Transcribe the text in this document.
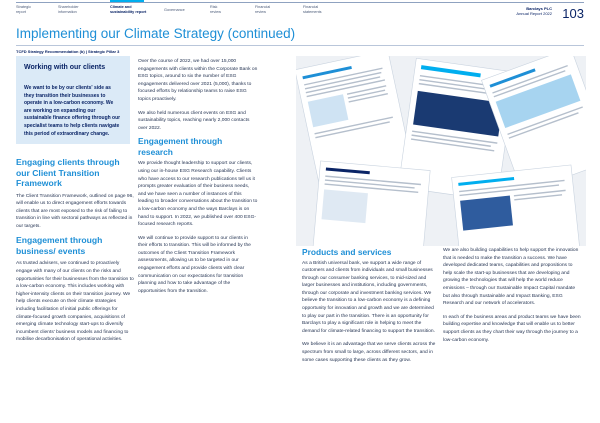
Strategic
report
Shareholder
information
Climate and
sustainability report	Governance
Risk
review
Financial
review
Financial
statements
Barclays PLC
Annual Report 2022 103
Implementing our Climate Strategy (continued)
TCFD Strategy Recommendation (b) | Strategic Pillar 3
Working with our clients

We want to be by our clients' side as they transition their businesses to operate in a low-carbon economy. We are working on expanding our sustainable finance offering through our specialist teams to help clients navigate this period of extraordinary change.

Engaging clients through our Client Transition Framework

The Client Transition Framework, outlined on page 96, will enable us to direct engagement efforts towards clients that are most exposed to the risk of failing to transition in line with sectoral pathways as reflected in our targets.

Engagement through business/ events

As trusted advisers, we continued to proactively engage with many of our clients on the risks and opportunities for their businesses from the transition to a low-carbon economy. This includes working with higher-intensity clients on their transition journey. We help clients execute on their climate strategies including facilitation of initial public offerings for climate-focused growth companies, acquisitions of emerging climate technology start-ups to diversify incumbent clients' business models and financing to mobilise decarbonisation of operational activities.

Over the course of 2022, we had over 15,000 engagements with clients within the Corporate Bank on ESG topics, around to six the number of ESG engagements delivered over 2021 (5,000), thanks to focused efforts by relationship teams to raise ESG topics proactively.

We also held numerous client events on ESG and sustainability topics, reaching nearly 2,000 contacts over 2022.

Engagement through research

We provide thought leadership to support our clients, using our in-house ESG Research capability. Clients who have access to our research publications tell us it prompts greater evaluation of their business needs, and we have seen a number of instances of this leading to broader conversations about the transition to a low-carbon economy and the ways Barclays is on hand to support. In 2022, we published over 400 ESG-focused research reports.

We will continue to provide support to our clients in their efforts to transition. This will be informed by the outcomes of the Client Transition Framework assessments, allowing us to be targeted in our engagement efforts and provide clients with clear communication on our expectations for transition planning and how to take advantage of the opportunities from the transition.

Products and services

As a British universal bank, we support a wide range of customers and clients from individuals and small businesses through our consumer banking services, to mid-sized and larger businesses and institutions, including governments, through our corporate and investment banking services. We believe the transition to a low-carbon economy is a defining opportunity for innovation and growth and we are determined to play our part in the transition. There is an opportunity for Barclays to play a significant role in helping to meet the demand for climate-related financing to support the transition.

We believe it is an advantage that we serve clients across the spectrum from small to large, across different sectors, and in some cases supporting these clients as they grow.

We are also building capabilities to help support the innovation that is needed to make the transition a success. We have developed dedicated teams, capabilities and propositions to help scale the start-up businesses that are developing and growing the technologies that will help the world reduce emissions – through our Sustainable Impact Capital mandate but also through Sustainable and Impact Banking, ESG Research and our network of accelerators.

In each of the business areas and product teams we have been building expertise and knowledge that will enable us to better support clients as they chart their way through the journey to a low-carbon economy.
